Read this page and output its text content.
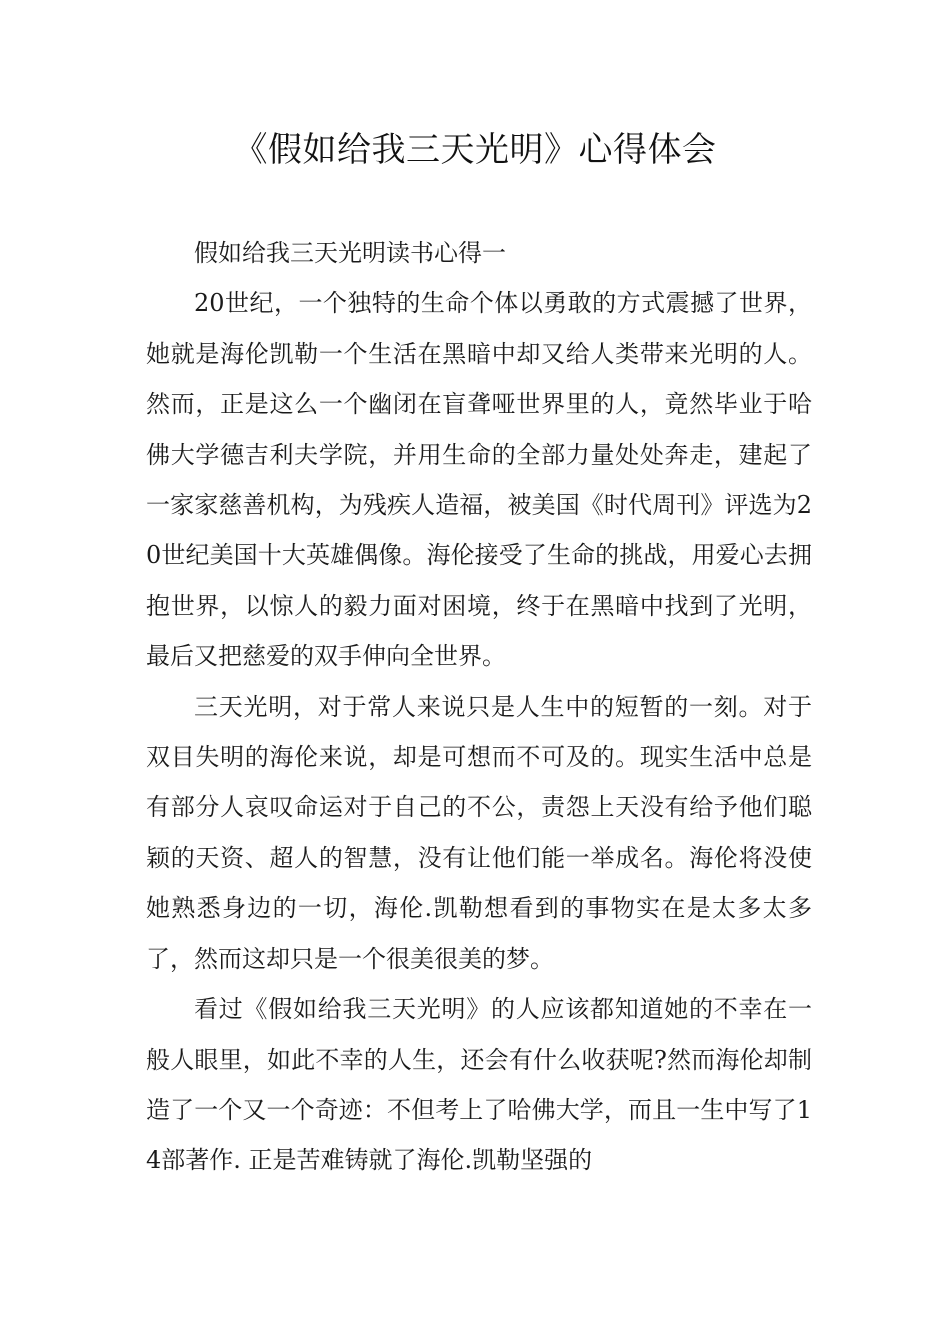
《假如给我三天光明》心得体会

假如给我三天光明读书心得一

20世纪，一个独特的生命个体以勇敢的方式震撼了世界，她就是海伦凯勒一个生活在黑暗中却又给人类带来光明的人。然而，正是这么一个幽闭在盲聋哑世界里的人，竟然毕业于哈佛大学德吉利夫学院，并用生命的全部力量处处奔走，建起了一家家慈善机构，为残疾人造福，被美国《时代周刊》评选为20世纪美国十大英雄偶像。海伦接受了生命的挑战，用爱心去拥抱世界，以惊人的毅力面对困境，终于在黑暗中找到了光明，最后又把慈爱的双手伸向全世界。

三天光明，对于常人来说只是人生中的短暂的一刻。对于双目失明的海伦来说，却是可想而不可及的。现实生活中总是有部分人哀叹命运对于自己的不公，责怨上天没有给予他们聪颖的天资、超人的智慧，没有让他们能一举成名。海伦将没使她熟悉身边的一切，海伦.凯勒想看到的事物实在是太多太多了，然而这却只是一个很美很美的梦。

看过《假如给我三天光明》的人应该都知道她的不幸在一般人眼里，如此不幸的人生，还会有什么收获呢?然而海伦却制造了一个又一个奇迹：不但考上了哈佛大学，而且一生中写了14部著作. 正是苦难铸就了海伦.凯勒坚强的
